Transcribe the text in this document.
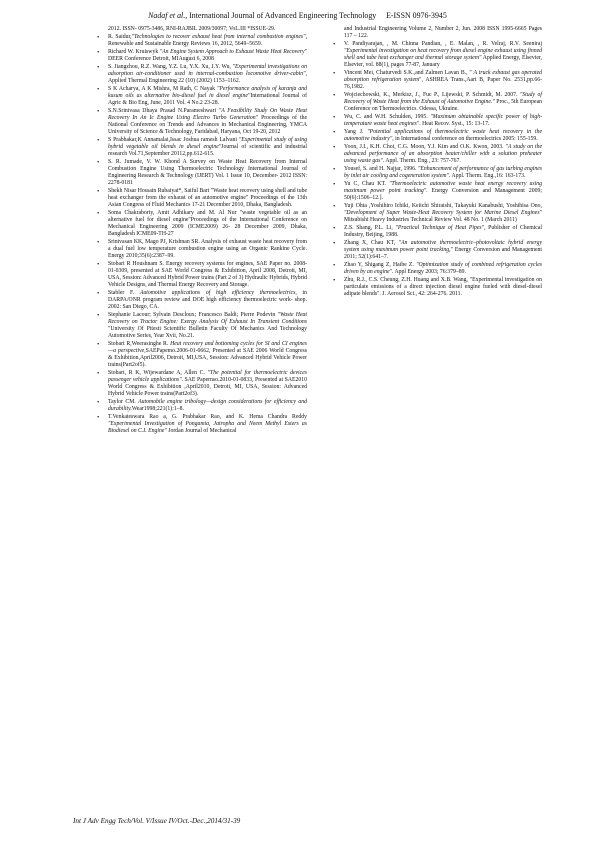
Nadaf et al., International Journal of Advanced Engineering Technology E-ISSN 0976-3945
2012. ISSN- 0975-3486, RNI-RAJBIL 2009/30097; VoL.III *ISSUE-29.
• R. Saidur,"Technologies to recover exhaust heat from internal combustion engines", Renewable and Sustainable Energy Reviews 16, 2012, 5649–5659.
• Richard W. Kruiswyk "An Engine System Approach to Exhaust Waste Heat Recovery" DEER Conference Detroit, MIAugust 6, 2008
• S. Jiangzhou, R.Z. Wang, Y.Z. Lu, Y.X. Xu, J.Y. Wu, "Experimental investigations on adsorption air-conditioner used in internal-combustion locomotive driver-cabin", Applied Thermal Engineering 22 (10) (2002) 1153–1162.
• S K Acharya, A K Mishra, M Rath, C Nayak "Performance analysis of karanja and kusum oils as alternative bio-diesel fuel in diesel engine"International Journal of Agric & Bio Eng, June, 2011 Vol. 4 No.2 23-28.
• S.N.Srinivasa Dhaya Prasad N.Parameshwari "A Feasibility Study On Waste Heat Recovery In An Ic Engine Using Electro Turbo Generation" Proceedings of the National Conference on Trends and Advances in Mechanical Engineering, YMCA University of Science & Technology, Faridabad, Haryana, Oct 19-20, 2012
• S Prabhakar,K Annamalai,Issac Joshua ramesh Lalvani "Experimental study of using hybrid vegetable oil blends in diesel engine"Journal of scientific and industrial research Vol.71,September 20112,pp.612-615.
• S. R. Jumade, V. W. Khond A Survey on Waste Heat Recovery from Internal Combustion Engine Using Thermoelectric Technology International Journal of Engineering Research & Technology (IJERT) Vol. 1 Issue 10, December- 2012 ISSN: 2278-0181
• Shekh Nisar Hossain Rubaiyat*, Saiful Bari "Waste heat recovery using shell and tube heat exchanger from the exhaust of an automotive engine" Proceedings of the 13th Asian Congress of Fluid Mechanics 17-21 December 2010, Dhaka, Bangladesh.
• Soma Chakraborty, Amit Adhikary and M. Al Nur "waste vegetable oil as an alternative fuel for diesel engine"Proceedings of the International Conference on Mechanical Engineering 2009 (ICME2009) 26- 28 December 2009, Dhaka, Bangladesh ICME09-TH-27
• Srinivasan KK, Mago PJ, Krishnan SR. Analysis of exhaust waste heat recovery from a dual fuel low temperature combustion engine using an Organic Rankine Cycle. Energy 2010;35(6):2387–99.
• Stobart R Houshnam S. Energy recovery systems for engines, SAE Paper no. 2008-01-0309, presented at SAE World Congress & Exhibition, April 2008, Detroit, MI, USA, Session: Advanced Hybrid Power trains (Part 2 of 3) Hydraulic Hybrids, Hybrid Vehicle Designs, and Thermal Energy Recovery and Storage.
• Stabler F. Automotive applications of high efficiency thermoelectrics, in DARPA/ONR program review and DOE high efficiency thermoelectric work- shop. 2002: San Diego, CA.
• Stephanie Lacour; Sylvain Descloux; Francesco Baldi; Pierre Podevin "Waste Heat Recovery on Tractor Engine: Exergy Analysis Of Exhaust In Transient Conditions "University Of Pitesti Scientific Bulletin Faculty Of Mechanics And Technology Automotive Series, Year Xvii, No.21.
• Stobart R,Weerasinghe R. Heat recovery and bottoming cycles for SI and CI engines—a perspective,SAEPapemo.2006-01-0662, Presented at SAE 2006 World Congress & Exhibition,April2006, Detroit, MI,USA, Session: Advanced Hybrid Vehicle Power trains(Part2of5).
• Stobart, R K, Wijewardane A, Allen C. "The potential for thermoelectric devices passenger vehicle applications". SAE Papernso.2010-01-0833, Presented at SAE2010 World Congress & Exhibition ,April2010, Detroit, MI, USA, Session: Advanced Hybrid Vehicle Power trains(Part2of3).
• Taylor CM. Automobile engine tribology—design considerations for efficiency and durability.Wear1998;221(1):1–8.
• T.Venkateswara Rao a, G. Prabhakar Rao, and K. Hema Chandra Reddy "Experimental Investigation of Pongamia, Jatropha and Neem Methyl Esters as Biodiesel on C.I. Engine" Jordan Journal of Mechanical
and Industrial Engineering Volume 2, Number 2, Jun. 2008 ISSN 1995-6665 Pages 117 – 122.
• V. Pandiyarajan, , M. Chinna Pandian, , E. Malan, , R. Velraj, R.V. Seeniraj "Experimental investigation on heat recovery from diesel engine exhaust using finned shell and tube heat exchanger and thermal storage system" Applied Energy, Elsevier, Elsevier, vol. 88(1), pages 77-87, January
• Vincent Mei, Chaturvedi S.K.,and Zalmen Lavan B., " A truck exhaust gas operated absorption refrigeration system", ASHREA Trans.,Aart B, Paper No. 2531,pp.66-76,1982.
• Wojciechowski, K., Merkisz, J., Fuc P., Lijewski, P. Schmidt, M. 2007. "Study of Recovery of Waste Heat from the Exhaust of Automotive Engine." Proc., 5th European Conference on Thermoelectrics. Odessa, Ukraine.
• Wu, C. and W.H. Schulden, 1995. "Maximum obtainable specific power of high-temperature waste heat engines". Heat Recov. Syst., 15: 13-17.
• Yang J. "Potential applications of thermoelectric waste heat recovery in the automotive industry", in International conference on thermoelectrics 2005: 155-159.
• Yoon, J.I., K.H. Choi, C.G. Moon, Y.J. Kim and O.K. Kwon, 2003. "A study on the advanced performance of an absorption heater/chiller with a solution preheater using waste gas". Appl. Therm. Eng., 23: 757-767.
• Yousef, S. and H. Najjar, 1996. "Enhancement of performance of gas turbing engines by inlet air cooling and cogeneration system". Appl. Therm. Eng.,16: 163-173.
• Yu C, Chau KT. "Thermoelectric automotive waste heat energy recovery using maximum power point tracking". Energy Conversion and Management 2009; 50(6):1506–12.].
• Yuji Ohta ,Yoshihiro Ichiki, Keiichi Shiraishi, Takayuki Kanabushi, Yoshihisa Ono, "Development of Super Waste-Heat Recovery System for Marine Diesel Engines" Mitsubishi Heavy Industries Technical Review Vol. 48 No. 1 (March 2011)
• Z.S. Shang, P.L. Li, "Practical Technique of Heat Pipes", Publisher of Chemical Industry, Beijing, 1988.
• Zhang X, Chau KT, "An automotive thermoelectric–photovoltaic hybrid energy system using maximum power point tracking," Energy Conversion and Management 2011; 52(1):641–7.
• Zhao Y, Shigang Z, Haibe Z. "Optimization study of combined refrigeration cycles driven by an engine". Appl Energy 2003; 76:379–89.
• Zhu, R.J., C.S. Cheung, Z.H. Huang and X.B. Wang, "Experimental investigation on particulate emissions of a direct injection diesel engine fueled with diesel-diesel adipate blends". J. Aerosol Sci., 42: 264-276. 2011.
Int J Adv Engg Tech/Vol. V/Issue IV/Oct.-Dec.,2014/31-39
